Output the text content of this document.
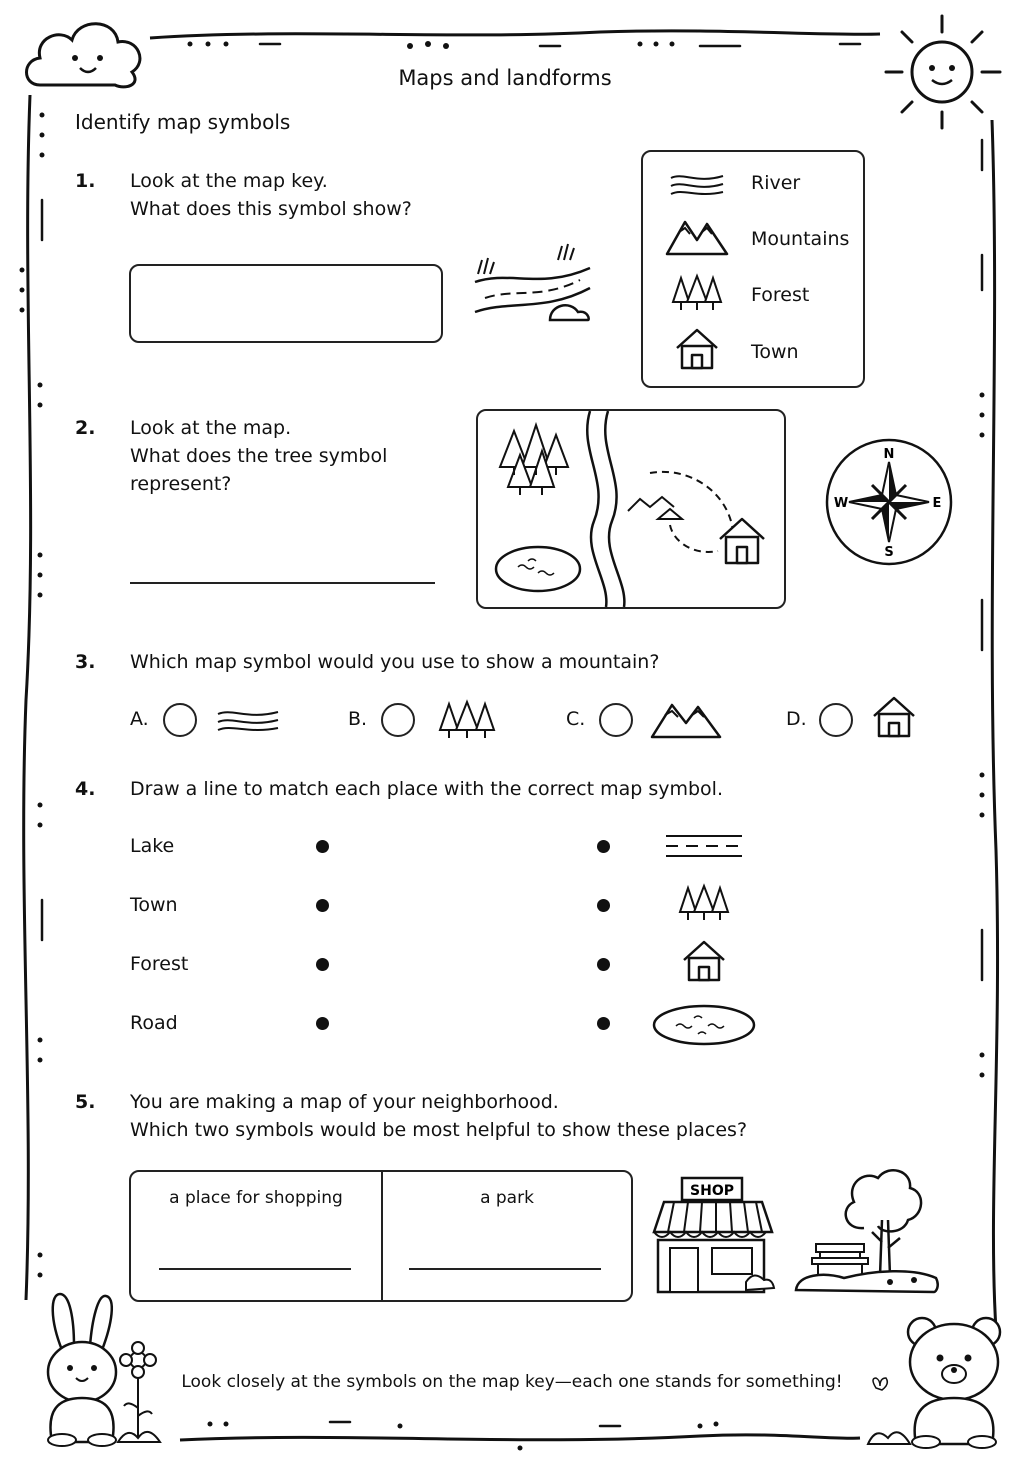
Maps and landforms
Identify map symbols
1. Look at the map key.
What does this symbol show?
River
Mountains
Forest
Town
2. Look at the map.
What does the tree symbol
represent?
N
S
E
W
3. Which map symbol would you use to show a mountain?
A.	B.	C.	D.
4. Draw a line to match each place with the correct map symbol.
Lake
Town
Forest
Road
5. You are making a map of your neighborhood.
Which two symbols would be most helpful to show these places?
a place for shopping	a park	SHOP
Look closely at the symbols on the map key—each one stands for something!
